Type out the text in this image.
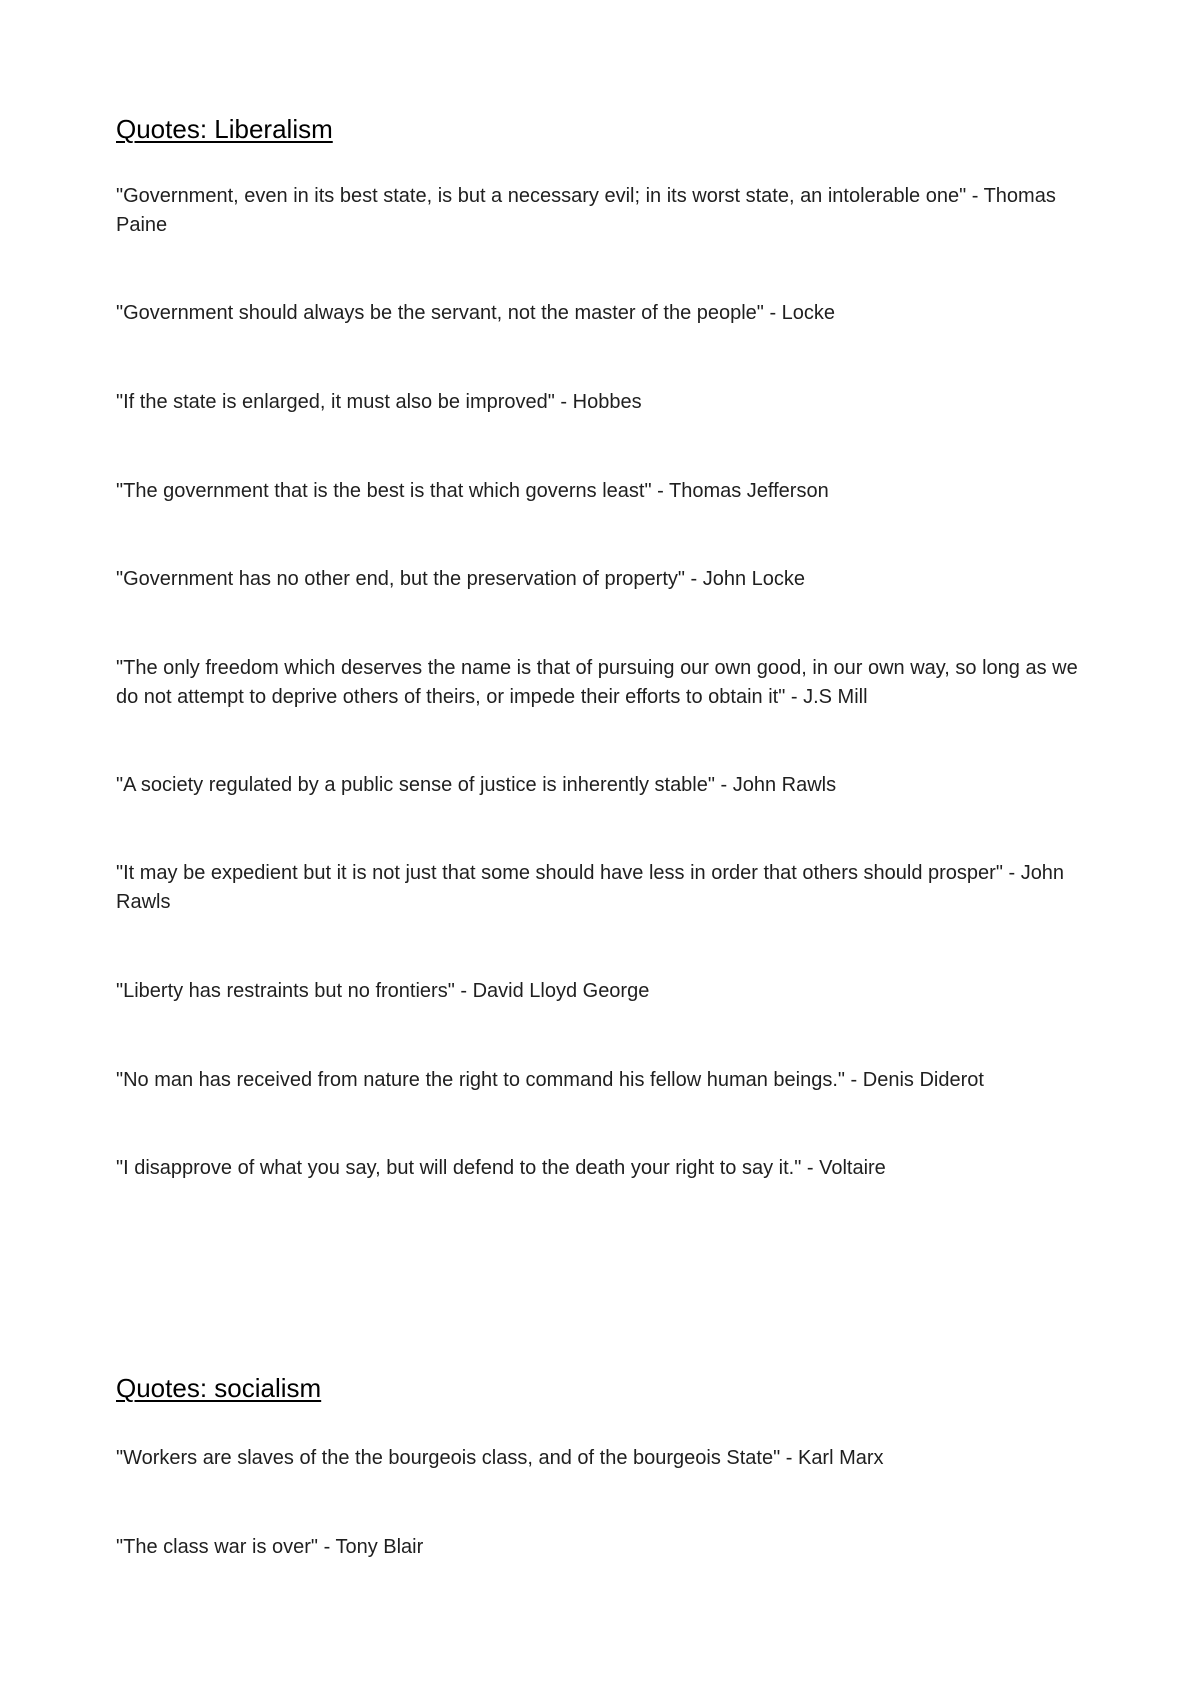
Quotes: Liberalism
"Government, even in its best state, is but a necessary evil; in its worst state, an intolerable one" - Thomas Paine
"Government should always be the servant, not the master of the people" - Locke
"If the state is enlarged, it must also be improved" - Hobbes
"The government that is the best is that which governs least" - Thomas Jefferson
"Government has no other end, but the preservation of property" - John Locke
"The only freedom which deserves the name is that of pursuing our own good, in our own way, so long as we do not attempt to deprive others of theirs, or impede their efforts to obtain it" - J.S Mill
"A society regulated by a public sense of justice is inherently stable" - John Rawls
"It may be expedient but it is not just that some should have less in order that others should prosper" - John Rawls
"Liberty has restraints but no frontiers" - David Lloyd George
"No man has received from nature the right to command his fellow human beings." - Denis Diderot
"I disapprove of what you say, but will defend to the death your right to say it." - Voltaire
Quotes: socialism
"Workers are slaves of the the bourgeois class, and of the bourgeois State" - Karl Marx
"The class war is over" - Tony Blair
